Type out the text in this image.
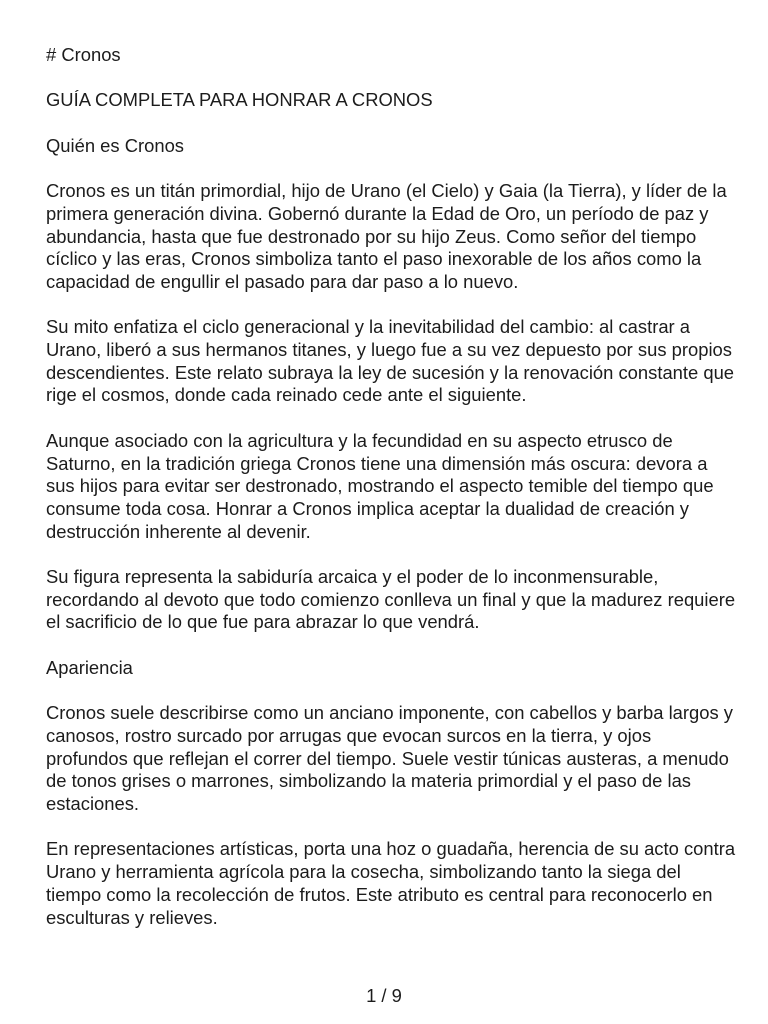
# Cronos

GUÍA COMPLETA PARA HONRAR A CRONOS

Quién es Cronos

Cronos es un titán primordial, hijo de Urano (el Cielo) y Gaia (la Tierra), y líder de la primera generación divina. Gobernó durante la Edad de Oro, un período de paz y abundancia, hasta que fue destronado por su hijo Zeus. Como señor del tiempo cíclico y las eras, Cronos simboliza tanto el paso inexorable de los años como la capacidad de engullir el pasado para dar paso a lo nuevo.

Su mito enfatiza el ciclo generacional y la inevitabilidad del cambio: al castrar a Urano, liberó a sus hermanos titanes, y luego fue a su vez depuesto por sus propios descendientes. Este relato subraya la ley de sucesión y la renovación constante que rige el cosmos, donde cada reinado cede ante el siguiente.

Aunque asociado con la agricultura y la fecundidad en su aspecto etrusco de Saturno, en la tradición griega Cronos tiene una dimensión más oscura: devora a sus hijos para evitar ser destronado, mostrando el aspecto temible del tiempo que consume toda cosa. Honrar a Cronos implica aceptar la dualidad de creación y destrucción inherente al devenir.

Su figura representa la sabiduría arcaica y el poder de lo inconmensurable, recordando al devoto que todo comienzo conlleva un final y que la madurez requiere el sacrificio de lo que fue para abrazar lo que vendrá.

Apariencia

Cronos suele describirse como un anciano imponente, con cabellos y barba largos y canosos, rostro surcado por arrugas que evocan surcos en la tierra, y ojos profundos que reflejan el correr del tiempo. Suele vestir túnicas austeras, a menudo de tonos grises o marrones, simbolizando la materia primordial y el paso de las estaciones.

En representaciones artísticas, porta una hoz o guadaña, herencia de su acto contra Urano y herramienta agrícola para la cosecha, simbolizando tanto la siega del tiempo como la recolección de frutos. Este atributo es central para reconocerlo en esculturas y relieves.

1 / 9
